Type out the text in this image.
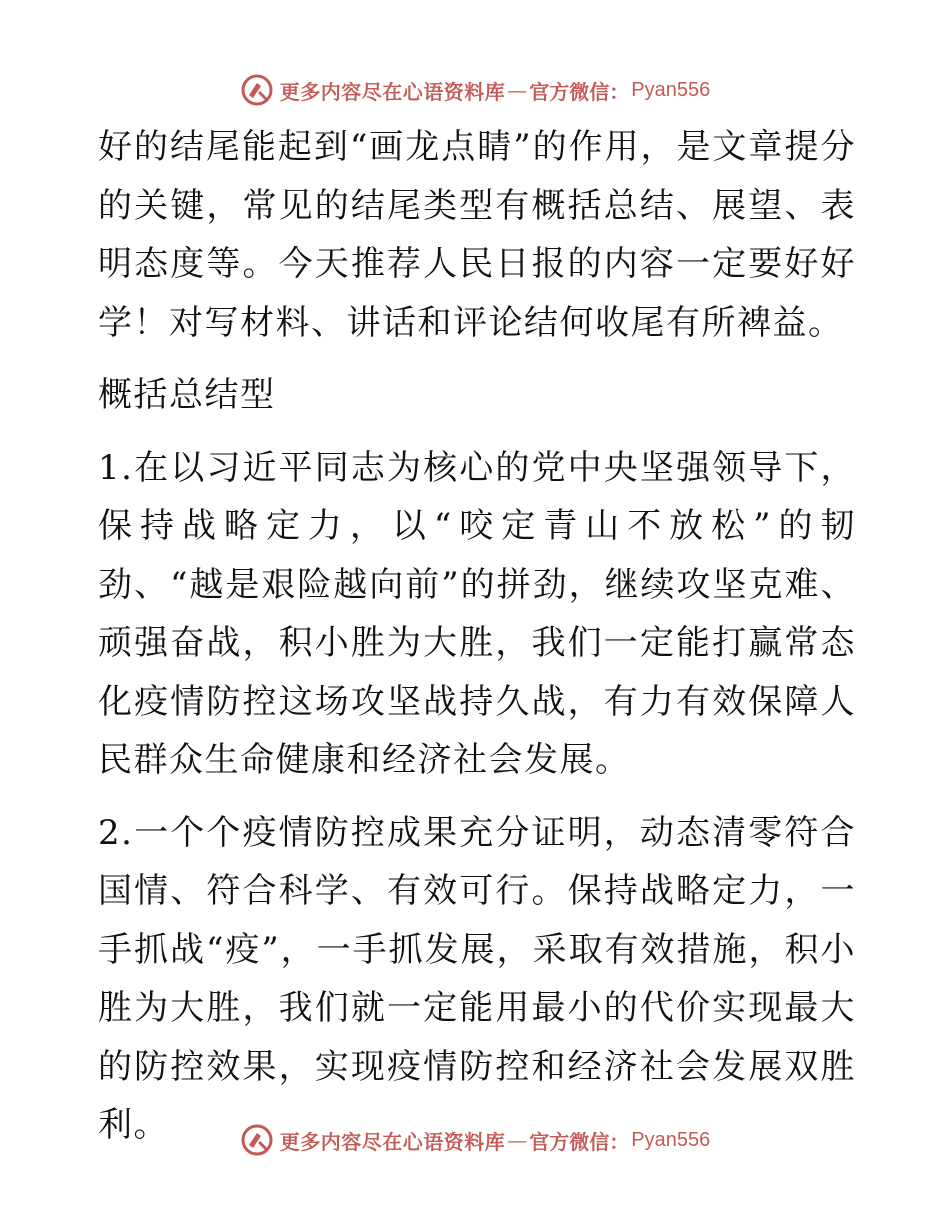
更多内容尽在心语资料库 — 官方微信： Pyan556

好的结尾能起到“画龙点睛”的作用，是文章提分的关键，常见的结尾类型有概括总结、展望、表明态度等。今天推荐人民日报的内容一定要好好学！对写材料、讲话和评论结何收尾有所裨益。

概括总结型

1.在以习近平同志为核心的党中央坚强领导下，保持战略定力，以“咬定青山不放松”的韧劲、“越是艰险越向前”的拼劲，继续攻坚克难、顽强奋战，积小胜为大胜，我们一定能打赢常态化疫情防控这场攻坚战持久战，有力有效保障人民群众生命健康和经济社会发展。

2.一个个疫情防控成果充分证明，动态清零符合国情、符合科学、有效可行。保持战略定力，一手抓战“疫”，一手抓发展，采取有效措施，积小胜为大胜，我们就一定能用最小的代价实现最大的防控效果，实现疫情防控和经济社会发展双胜利。	更多内容尽在心语资料库 — 官方微信： Pyan556
